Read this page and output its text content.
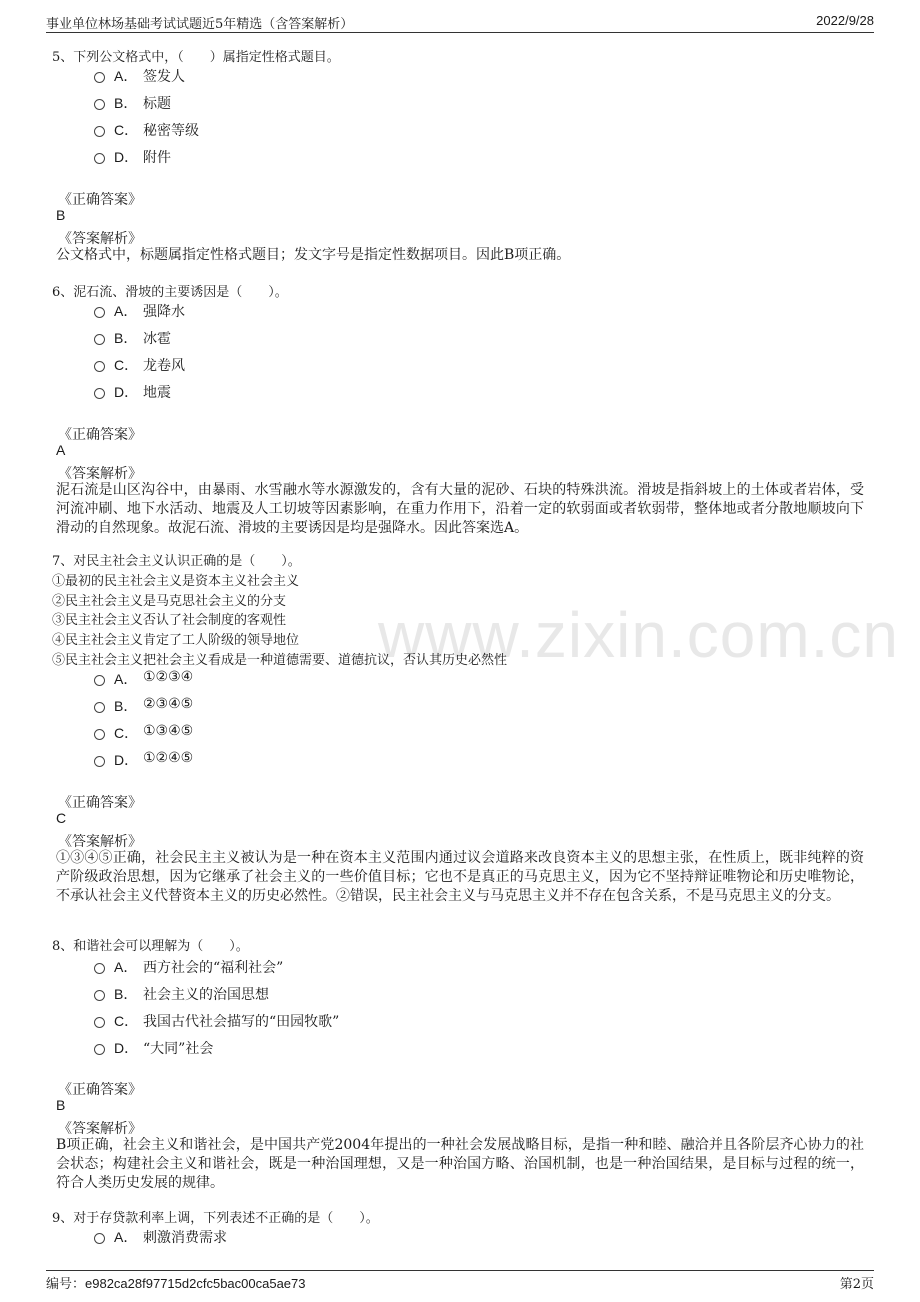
事业单位林场基础考试试题近5年精选（含答案解析）	2022/9/28
www.zixin.com.cn
5、下列公文格式中，（　　）属指定性格式题目。
A． 签发人
B． 标题
C． 秘密等级
D． 附件
《正确答案》
B
《答案解析》
公文格式中，标题属指定性格式题目；发文字号是指定性数据项目。因此B项正确。
6、泥石流、滑坡的主要诱因是（　　）。
A． 强降水
B． 冰雹
C． 龙卷风
D． 地震
《正确答案》
A
《答案解析》
泥石流是山区沟谷中，由暴雨、水雪融水等水源激发的，含有大量的泥砂、石块的特殊洪流。滑坡是指斜坡上的土体或者岩体，受河流冲刷、地下水活动、地震及人工切坡等因素影响，在重力作用下，沿着一定的软弱面或者软弱带，整体地或者分散地顺坡向下滑动的自然现象。故泥石流、滑坡的主要诱因是均是强降水。因此答案选A。
7、对民主社会主义认识正确的是（　　）。
①最初的民主社会主义是资本主义社会主义
②民主社会主义是马克思社会主义的分支
③民主社会主义否认了社会制度的客观性
④民主社会主义肯定了工人阶级的领导地位
⑤民主社会主义把社会主义看成是一种道德需要、道德抗议，否认其历史必然性
A． ①②③④
B． ②③④⑤
C． ①③④⑤
D． ①②④⑤
《正确答案》
C
《答案解析》
①③④⑤正确，社会民主主义被认为是一种在资本主义范围内通过议会道路来改良资本主义的思想主张，在性质上，既非纯粹的资产阶级政治思想，因为它继承了社会主义的一些价值目标；它也不是真正的马克思主义，因为它不坚持辩证唯物论和历史唯物论，不承认社会主义代替资本主义的历史必然性。②错误，民主社会主义与马克思主义并不存在包含关系，不是马克思主义的分支。
8、和谐社会可以理解为（　　）。
A． 西方社会的“福利社会”
B． 社会主义的治国思想
C． 我国古代社会描写的“田园牧歌”
D． “大同”社会
《正确答案》
B
《答案解析》
B项正确，社会主义和谐社会，是中国共产党2004年提出的一种社会发展战略目标，是指一种和睦、融洽并且各阶层齐心协力的社会状态；构建社会主义和谐社会，既是一种治国理想，又是一种治国方略、治国机制，也是一种治国结果，是目标与过程的统一，符合人类历史发展的规律。
9、对于存贷款利率上调，下列表述不正确的是（　　）。
A． 刺激消费需求
编号：e982ca28f97715d2cfc5bac00ca5ae73	第2页
